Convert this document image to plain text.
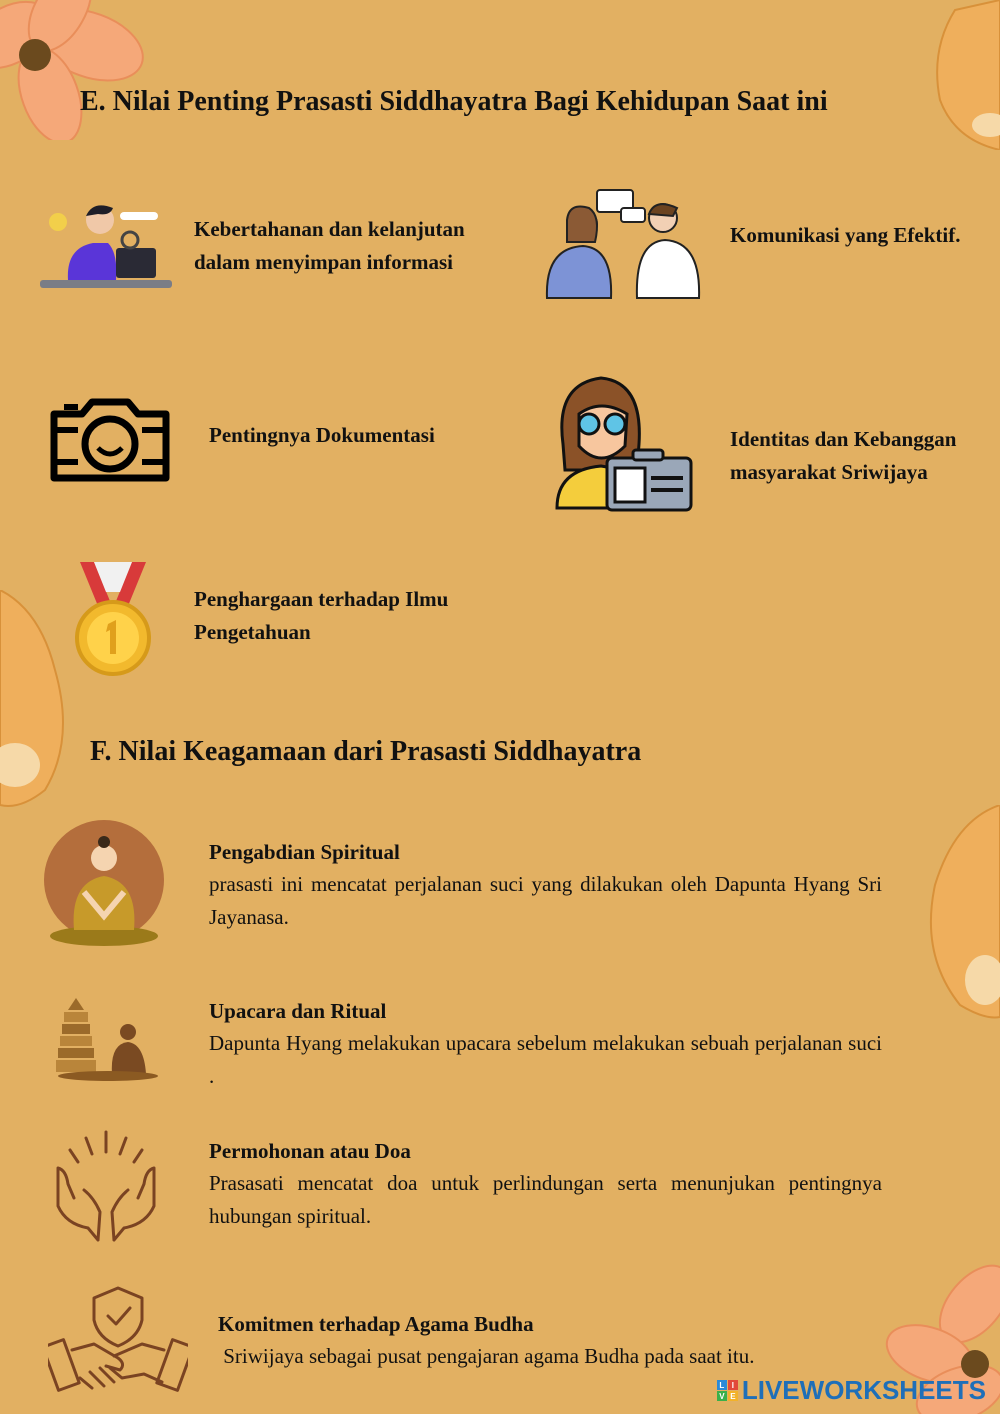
E. Nilai Penting Prasasti Siddhayatra Bagi Kehidupan Saat ini
Kebertahanan dan kelanjutan
dalam menyimpan informasi
Komunikasi yang Efektif.
Pentingnya Dokumentasi	Identitas dan Kebanggan
masyarakat Sriwijaya
Penghargaan terhadap Ilmu
Pengetahuan
F. Nilai Keagamaan dari Prasasti Siddhayatra
Pengabdian Spiritual
prasasti ini mencatat perjalanan suci yang dilakukan oleh Dapunta Hyang Sri Jayanasa.
Upacara dan Ritual
Dapunta Hyang melakukan upacara sebelum melakukan sebuah perjalanan suci .
Permohonan atau Doa
Prasasati mencatat doa untuk perlindungan serta menunjukan pentingnya hubungan spiritual.
Komitmen terhadap Agama Budha
Sriwijaya sebagai pusat pengajaran agama Budha pada saat itu.
L I
V E LIVEWORKSHEETS
